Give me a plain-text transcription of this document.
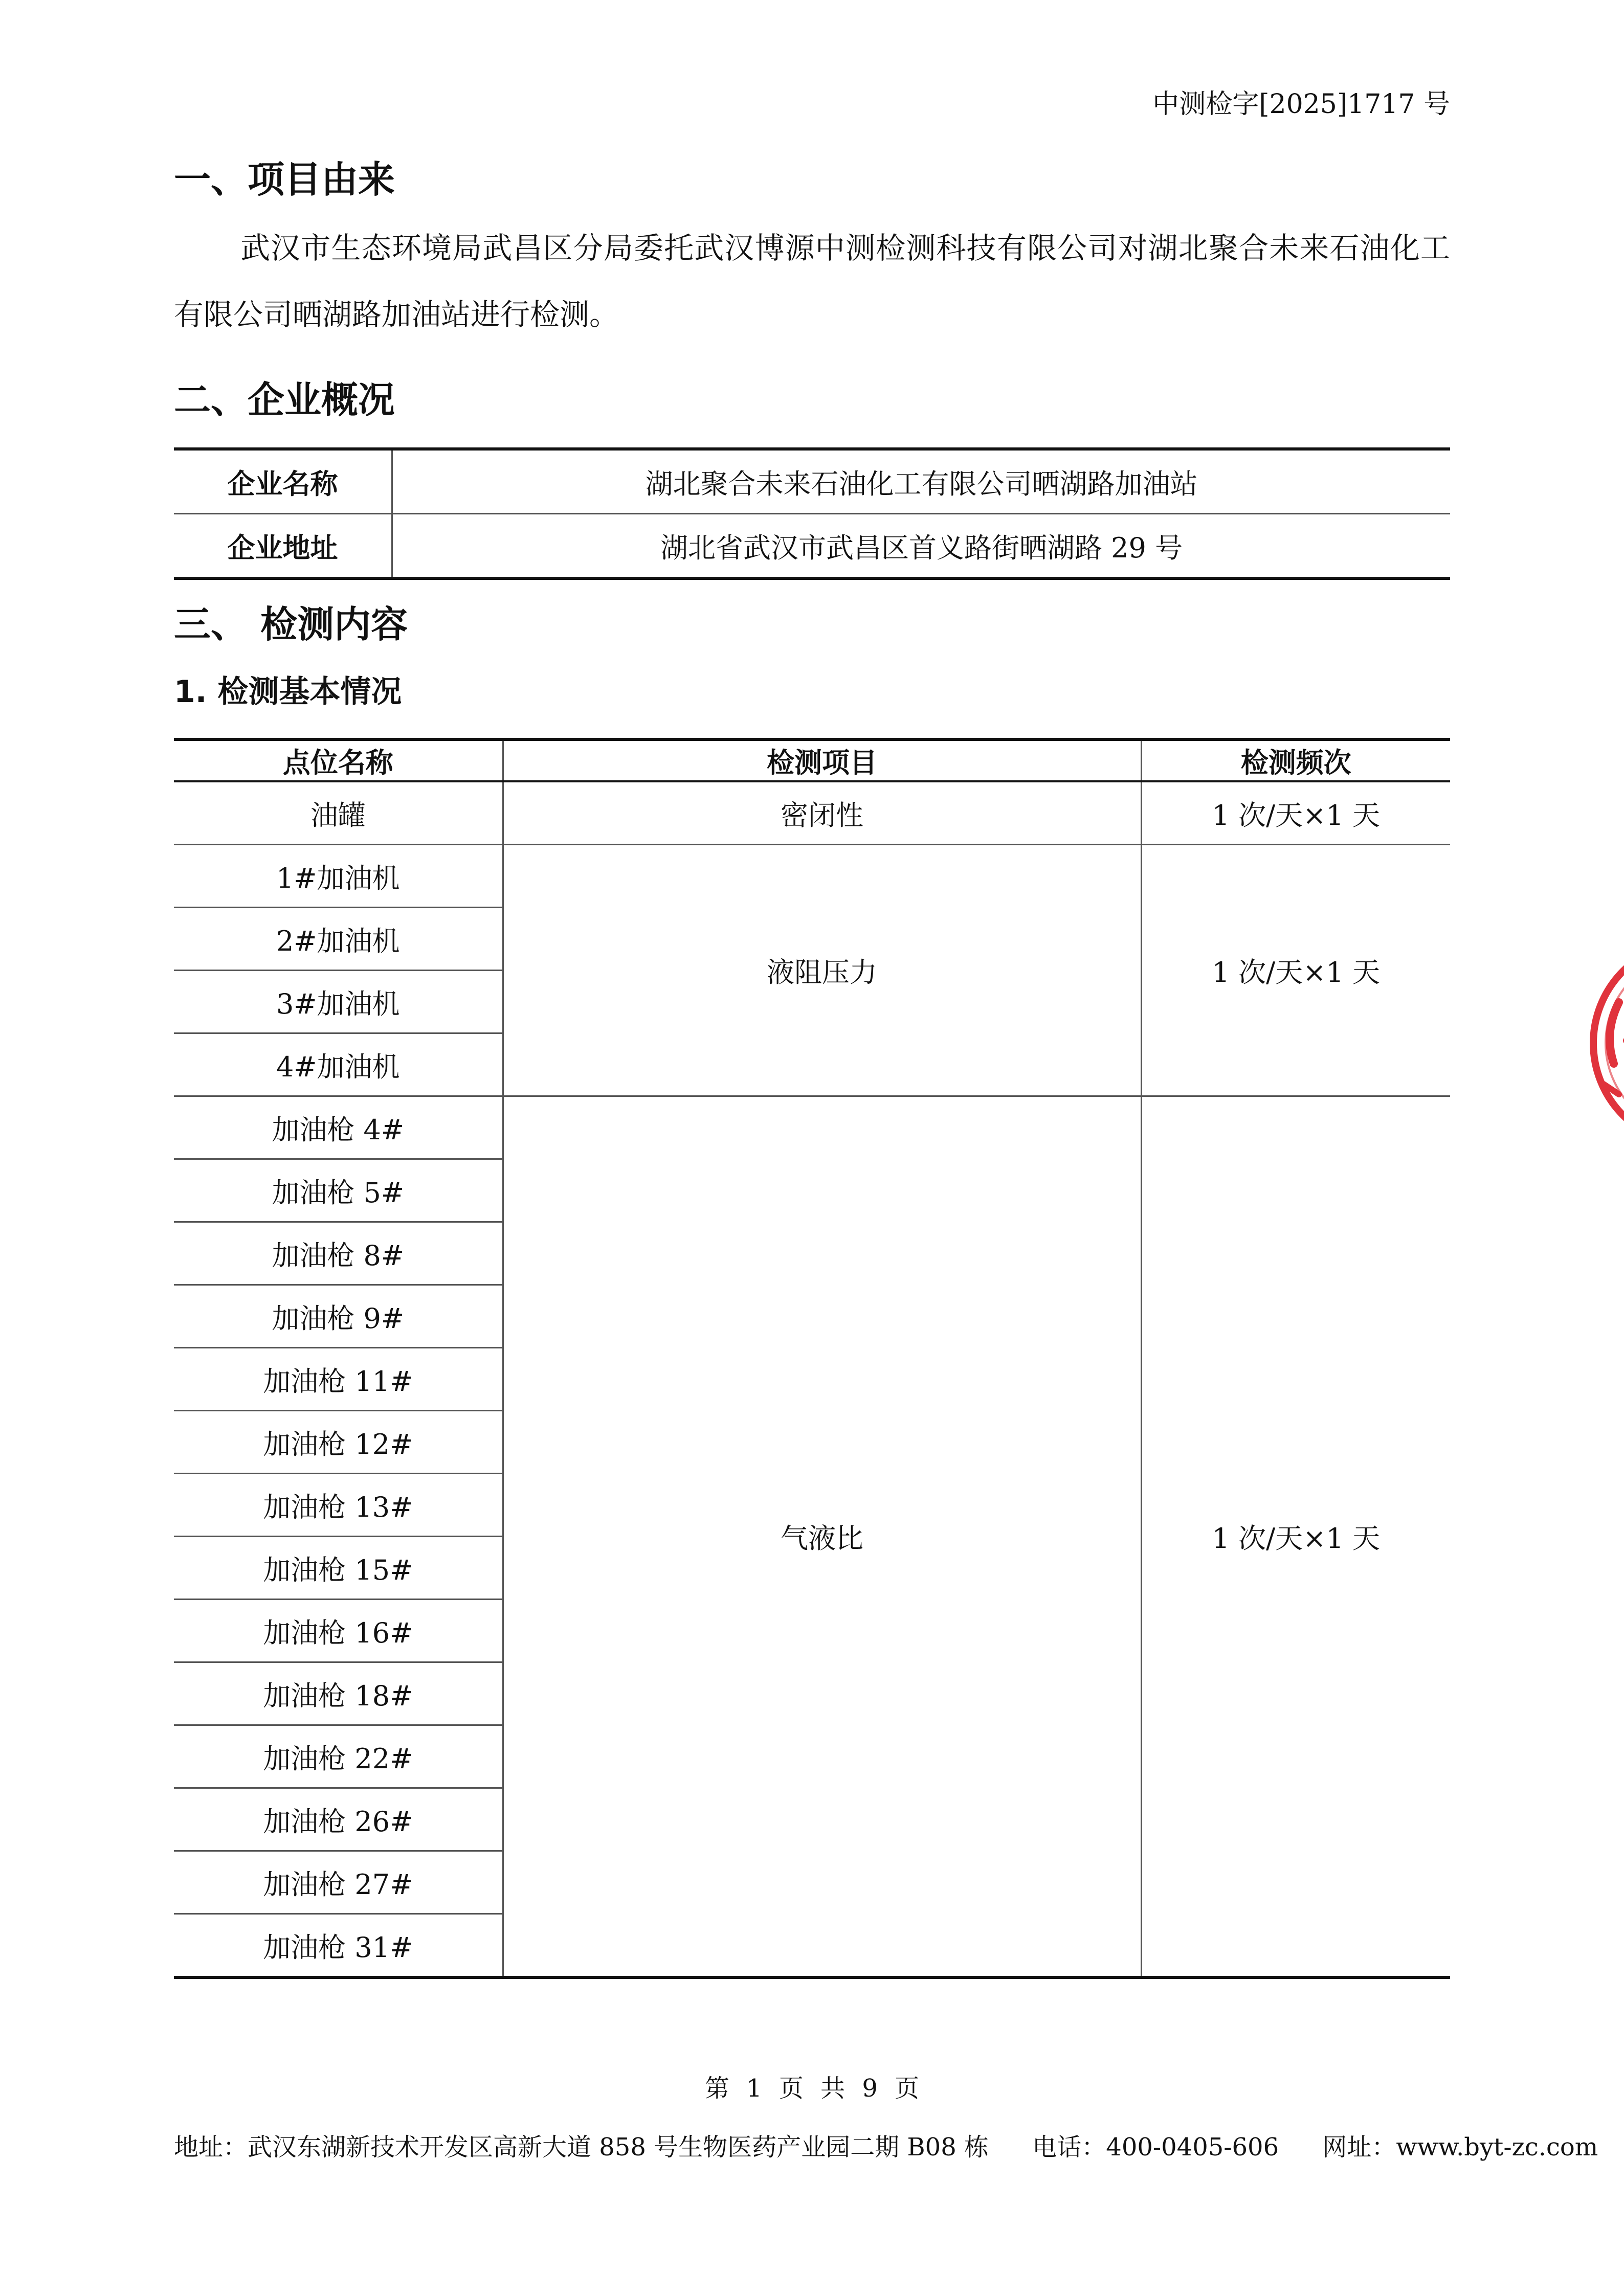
中测检字[2025]1717 号
一、项目由来

武汉市生态环境局武昌区分局委托武汉博源中测检测科技有限公司对湖北聚合未来石油化工有限公司晒湖路加油站进行检测。

二、企业概况
企业名称	湖北聚合未来石油化工有限公司晒湖路加油站
企业地址	湖北省武汉市武昌区首义路街晒湖路 29 号
三、 检测内容
1. 检测基本情况
点位名称	检测项目	检测频次
油罐	密闭性	1 次/天×1 天
1#加油机	液阻压力	1 次/天×1 天
2#加油机		
3#加油机		
4#加油机		
加油枪 4#	气液比	1 次/天×1 天
加油枪 5#		
加油枪 8#		
加油枪 9#		
加油枪 11#		
加油枪 12#		
加油枪 13#		
加油枪 15#		
加油枪 16#		
加油枪 18#		
加油枪 22#		
加油枪 26#		
加油枪 27#		
加油枪 31#		
第 1 页 共 9 页
地址：武汉东湖新技术开发区高新大道 858 号生物医药产业园二期 B08 栋 电话：400-0405-606 网址：www.byt-zc.com
